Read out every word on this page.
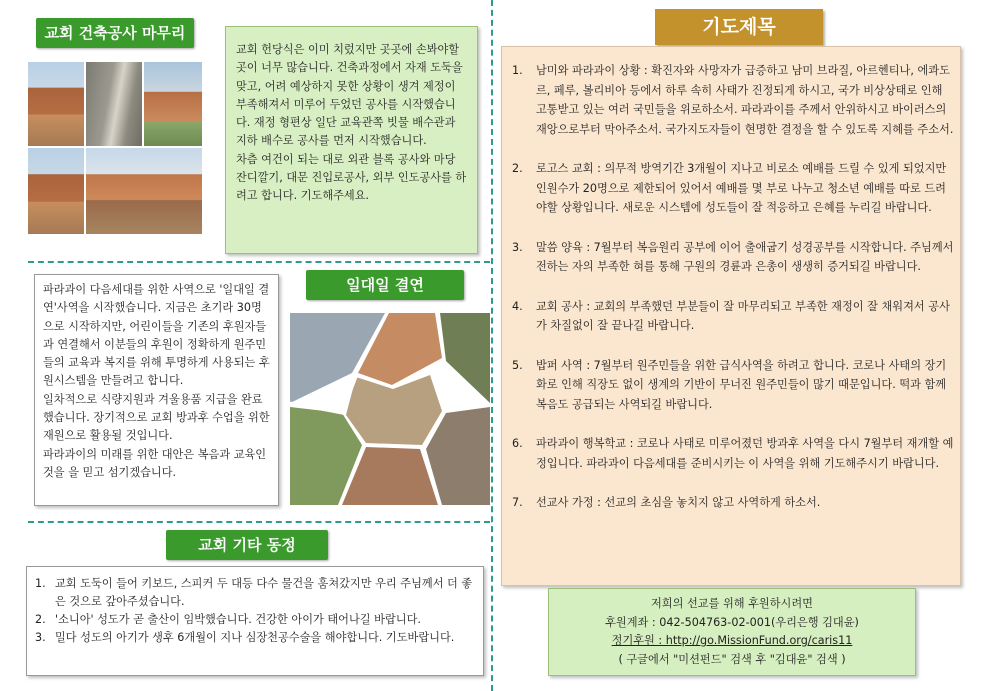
교회 건축공사 마무리

교회 헌당식은 이미 치렀지만 곳곳에 손봐야할 곳이 너무 많습니다. 건축과정에서 자재 도둑을 맞고, 어려 예상하지 못한 상황이 생겨 제정이 부족해져서 미루어 두었던 공사를 시작했습니다. 재정 형편상 일단 교육관쪽 빗물 배수관과 지하 배수로 공사를 먼저 시작했습니다.

차츰 여건이 되는 대로 외관 블록 공사와 마당 잔디깔기, 대문 진입로공사, 외부 인도공사를 하려고 합니다. 기도해주세요.

파라과이 다음세대를 위한 사역으로 '일대일 결연'사역을 시작했습니다. 지금은 초기라 30명으로 시작하지만, 어린이들을 기존의 후원자들과 연결해서 이분들의 후원이 정확하게 원주민들의 교육과 복지를 위해 투명하게 사용되는 후원시스템을 만들려고 합니다.

일차적으로 식량지원과 겨울용품 지급을 완료했습니다. 장기적으로 교회 방과후 수업을 위한 재원으로 활용될 것입니다.

파라과이의 미래를 위한 대안은 복음과 교육인 것을 을 믿고 섬기겠습니다.

일대일 결연
교회 기타 동정
1. 교회 도둑이 들어 키보드, 스피커 두 대등 다수 물건을 훔쳐갔지만 우리 주님께서 더 좋은 것으로 갚아주셨습니다.
2. '소니아' 성도가 곧 출산이 임박했습니다. 건강한 아이가 태어나길 바랍니다.
3. 밀다 성도의 아기가 생후 6개월이 지나 심장천공수술을 해야합니다. 기도바랍니다.
기도제목
1.	남미와 파라과이 상황 : 확진자와 사망자가 급증하고 남미 브라질, 아르헨티나, 에콰도르, 페루, 볼리비아 등에서 하루 속히 사태가 진정되게 하시고, 국가 비상상태로 인해 고통받고 있는 여러 국민들을 위로하소서. 파라과이를 주께서 안위하시고 바이러스의 재앙으로부터 막아주소서. 국가지도자들이 현명한 결정을 할 수 있도록 지혜를 주소서.
2.	로고스 교회 : 의무적 방역기간 3개월이 지나고 비로소 예배를 드릴 수 있게 되었지만 인원수가 20명으로 제한되어 있어서 예배를 몇 부로 나누고 청소년 예배를 따로 드려야할 상황입니다. 새로운 시스템에 성도들이 잘 적응하고 은혜를 누리길 바랍니다.
3.	말씀 양육 : 7월부터 복음원리 공부에 이어 출애굽기 성경공부를 시작합니다. 주님께서 전하는 자의 부족한 혀를 통해 구원의 경륜과 은총이 생생히 증거되길 바랍니다.
4.	교회 공사 : 교회의 부족했던 부분들이 잘 마무리되고 부족한 재정이 잘 채워져서 공사가 차질없이 잘 끝나길 바랍니다.
5.	밥퍼 사역 : 7월부터 원주민들을 위한 급식사역을 하려고 합니다. 코로나 사태의 장기화로 인해 직장도 없이 생계의 기반이 무너진 원주민들이 많기 때문입니다. 떡과 함께 복음도 공급되는 사역되길 바랍니다.
6.	파라과이 행복학교 : 코로나 사태로 미루어졌던 방과후 사역을 다시 7월부터 재개할 예정입니다. 파라과이 다음세대를 준비시키는 이 사역을 위해 기도해주시기 바랍니다.
7.	선교사 가정 : 선교의 초심을 놓치지 않고 사역하게 하소서.
저희의 선교를 위해 후원하시려면
후원계좌 : 042-504763-02-001(우리은행 김대윤)
정기후원 : http://go.MissionFund.org/caris11
( 구글에서 "미션펀드" 검색 후 "김대윤" 검색 )
